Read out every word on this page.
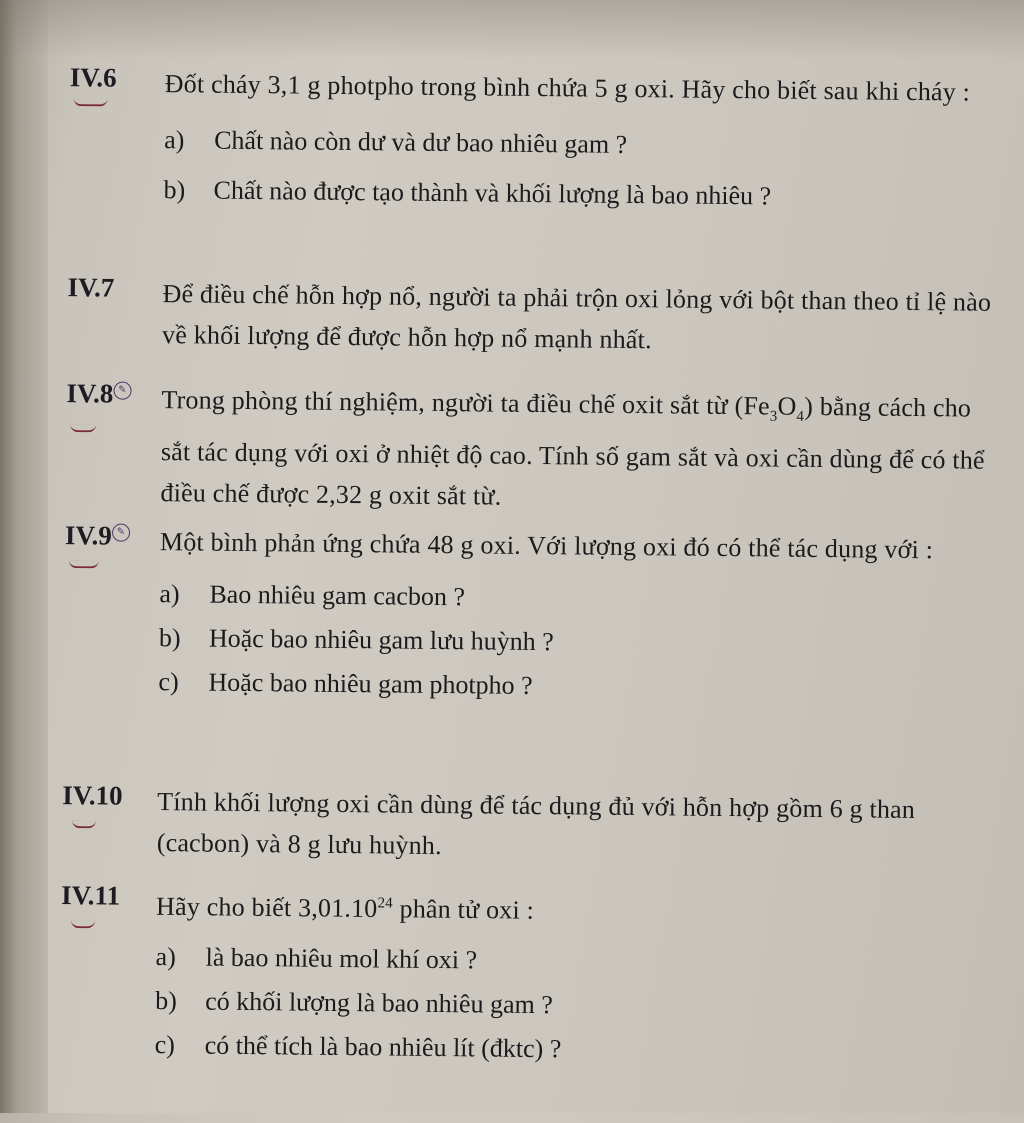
IV.6	Đốt cháy 3,1 g photpho trong bình chứa 5 g oxi. Hãy cho biết sau khi cháy :
a) Chất nào còn dư và dư bao nhiêu gam ?
b) Chất nào được tạo thành và khối lượng là bao nhiêu ?
IV.7	Để điều chế hỗn hợp nổ, người ta phải trộn oxi lỏng với bột than theo tỉ lệ nào về khối lượng để được hỗn hợp nổ mạnh nhất.
IV.8 ✎	Trong phòng thí nghiệm, người ta điều chế oxit sắt từ $(Fe_3O_4)$ bằng cách cho sắt tác dụng với oxi ở nhiệt độ cao. Tính số gam sắt và oxi cần dùng để có thể điều chế được 2,32 g oxit sắt từ.
IV.9 ✎	Một bình phản ứng chứa 48 g oxi. Với lượng oxi đó có thể tác dụng với :
a) Bao nhiêu gam cacbon ?
b) Hoặc bao nhiêu gam lưu huỳnh ?
c) Hoặc bao nhiêu gam photpho ?
IV.10	Tính khối lượng oxi cần dùng để tác dụng đủ với hỗn hợp gồm 6 g than (cacbon) và 8 g lưu huỳnh.
IV.11	Hãy cho biết 3,01.10$^{24}$ phân tử oxi :
a) là bao nhiêu mol khí oxi ?
b) có khối lượng là bao nhiêu gam ?
c) có thể tích là bao nhiêu lít (đktc) ?
